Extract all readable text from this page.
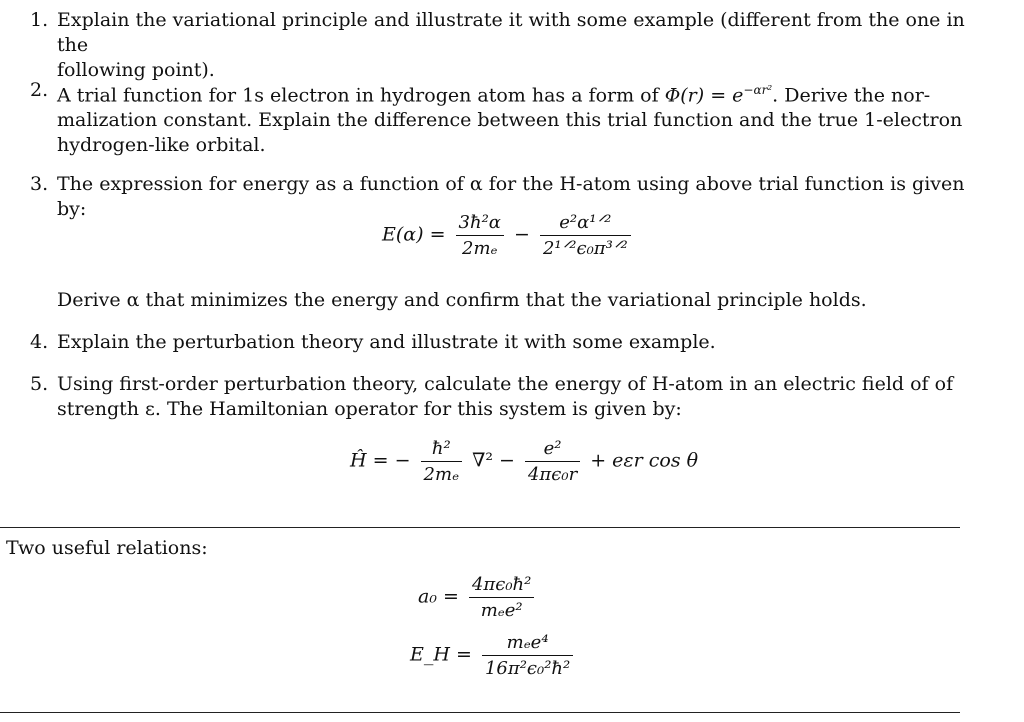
1. Explain the variational principle and illustrate it with some example (different from the one in the
following point).
2. A trial function for 1s electron in hydrogen atom has a form of $\Phi(r) = e^{-\alpha r^2}$. Derive the nor-
malization constant. Explain the difference between this trial function and the true 1-electron
hydrogen-like orbital.
3. The expression for energy as a function of α for the H-atom using above trial function is given by:
$E(\alpha) = \frac{\text{3ħ²α}}{\text{2mₑ}} - \frac{\text{e²α¹ᐟ²}}{\text{2¹ᐟ²ϵ₀π³ᐟ²}}$
Derive α that minimizes the energy and confirm that the variational principle holds.
4. Explain the perturbation theory and illustrate it with some example.
5. Using first-order perturbation theory, calculate the energy of H-atom in an electric field of of
strength ε. The Hamiltonian operator for this system is given by:
Ĥ = − $\frac{\text{ħ²}}{\text{2mₑ}} \nabla^2 - \frac{\text{e²}}{\text{4πϵ₀r}} + e\varepsilon r$ cos θ
Two useful relations:
$a_0 = \frac{\text{4πϵ₀ħ²}}{\text{mₑe²}}$
E_H = $\frac{\text{mₑe⁴}}{\text{16π²ϵ₀²ħ²}}$
